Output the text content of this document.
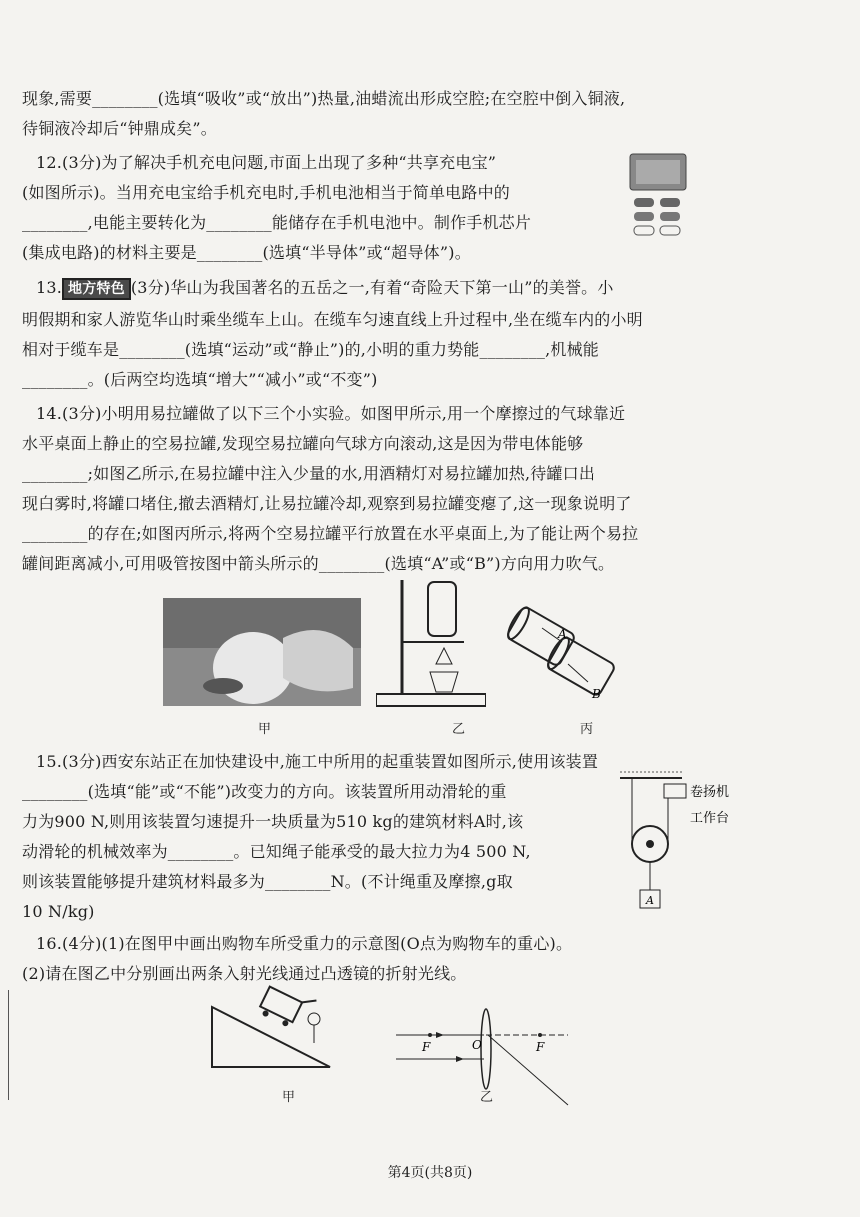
现象,需要________(选填“吸收”或“放出”)热量,油蜡流出形成空腔;在空腔中倒入铜液,
待铜液冷却后“钟鼎成矣”。
12.(3分)为了解决手机充电问题,市面上出现了多种“共享充电宝”
(如图所示)。当用充电宝给手机充电时,手机电池相当于简单电路中的
________,电能主要转化为________能储存在手机电池中。制作手机芯片
(集成电路)的材料主要是________(选填“半导体”或“超导体”)。
13. 地方特色 (3分)华山为我国著名的五岳之一,有着“奇险天下第一山”的美誉。小
明假期和家人游览华山时乘坐缆车上山。在缆车匀速直线上升过程中,坐在缆车内的小明
相对于缆车是________(选填“运动”或“静止”)的,小明的重力势能________,机械能
________。(后两空均选填“增大”“减小”或“不变”)
14.(3分)小明用易拉罐做了以下三个小实验。如图甲所示,用一个摩擦过的气球靠近
水平桌面上静止的空易拉罐,发现空易拉罐向气球方向滚动,这是因为带电体能够
________;如图乙所示,在易拉罐中注入少量的水,用酒精灯对易拉罐加热,待罐口出
现白雾时,将罐口堵住,撤去酒精灯,让易拉罐冷却,观察到易拉罐变瘪了,这一现象说明了
________的存在;如图丙所示,将两个空易拉罐平行放置在水平桌面上,为了能让两个易拉
罐间距离减小,可用吸管按图中箭头所示的________(选填“A”或“B”)方向用力吹气。
甲	乙
A
B
丙
15.(3分)西安东站正在加快建设中,施工中所用的起重装置如图所示,使用该装置
________(选填“能”或“不能”)改变力的方向。该装置所用动滑轮的重
力为900 N,则用该装置匀速提升一块质量为510 kg的建筑材料A时,该
动滑轮的机械效率为________。已知绳子能承受的最大拉力为4 500 N,
则该装置能够提升建筑材料最多为________N。(不计绳重及摩擦,g取
10 N/kg)
A
卷扬机
工作台
16.(4分)(1)在图甲中画出购物车所受重力的示意图(O点为购物车的重心)。
(2)请在图乙中分别画出两条入射光线通过凸透镜的折射光线。
甲
F	O	F
乙
第4页(共8页)
